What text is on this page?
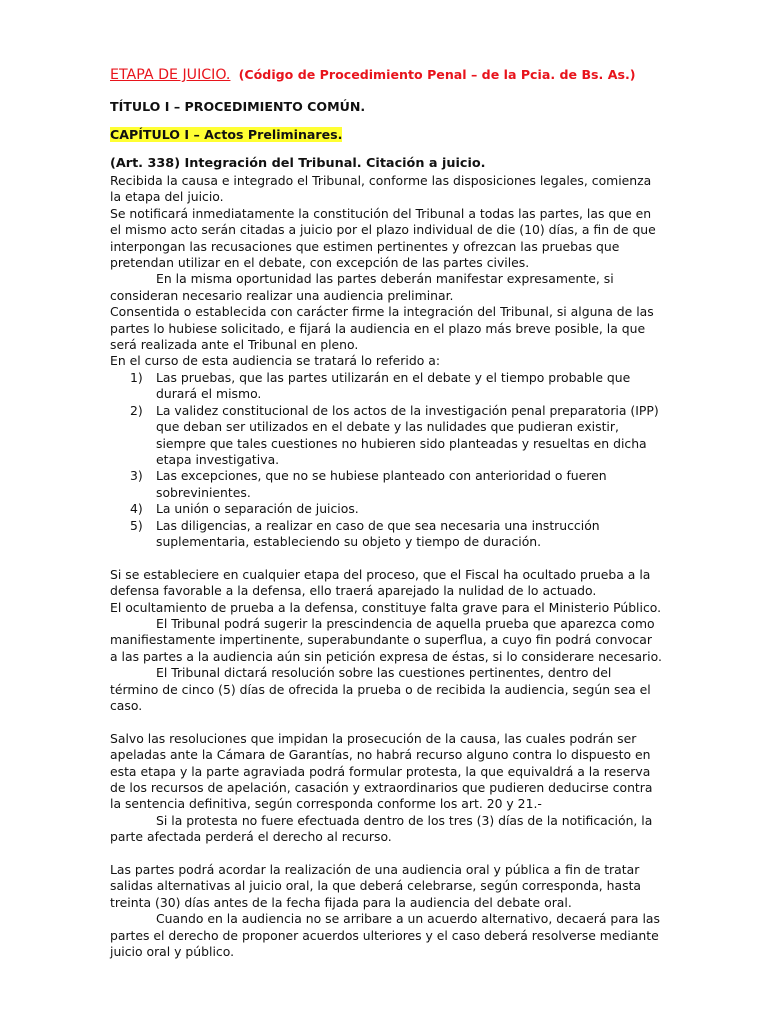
ETAPA DE JUICIO. (Código de Procedimiento Penal – de la Pcia. de Bs. As.)
TÍTULO I – PROCEDIMIENTO COMÚN.
CAPÍTULO I – Actos Preliminares.
(Art. 338) Integración del Tribunal. Citación a juicio.

Recibida la causa e integrado el Tribunal, conforme las disposiciones legales, comienza la etapa del juicio.

Se notificará inmediatamente la constitución del Tribunal a todas las partes, las que en el mismo acto serán citadas a juicio por el plazo individual de die (10) días, a fin de que interpongan las recusaciones que estimen pertinentes y ofrezcan las pruebas que pretendan utilizar en el debate, con excepción de las partes civiles.

En la misma oportunidad las partes deberán manifestar expresamente, si consideran necesario realizar una audiencia preliminar.

Consentida o establecida con carácter firme la integración del Tribunal, si alguna de las partes lo hubiese solicitado, e fijará la audiencia en el plazo más breve posible, la que será realizada ante el Tribunal en pleno.

En el curso de esta audiencia se tratará lo referido a:

1) Las pruebas, que las partes utilizarán en el debate y el tiempo probable que durará el mismo.
2) La validez constitucional de los actos de la investigación penal preparatoria (IPP) que deban ser utilizados en el debate y las nulidades que pudieran existir, siempre que tales cuestiones no hubieren sido planteadas y resueltas en dicha etapa investigativa.
3) Las excepciones, que no se hubiese planteado con anterioridad o fueren sobrevinientes.
4) La unión o separación de juicios.
5) Las diligencias, a realizar en caso de que sea necesaria una instrucción suplementaria, estableciendo su objeto y tiempo de duración.

Si se estableciere en cualquier etapa del proceso, que el Fiscal ha ocultado prueba a la defensa favorable a la defensa, ello traerá aparejado la nulidad de lo actuado.

El ocultamiento de prueba a la defensa, constituye falta grave para el Ministerio Público.

El Tribunal podrá sugerir la prescindencia de aquella prueba que aparezca como manifiestamente impertinente, superabundante o superflua, a cuyo fin podrá convocar a las partes a la audiencia aún sin petición expresa de éstas, si lo considerare necesario.

El Tribunal dictará resolución sobre las cuestiones pertinentes, dentro del término de cinco (5) días de ofrecida la prueba o de recibida la audiencia, según sea el caso.

Salvo las resoluciones que impidan la prosecución de la causa, las cuales podrán ser apeladas ante la Cámara de Garantías, no habrá recurso alguno contra lo dispuesto en esta etapa y la parte agraviada podrá formular protesta, la que equivaldrá a la reserva de los recursos de apelación, casación y extraordinarios que pudieren deducirse contra la sentencia definitiva, según corresponda conforme los art. 20 y 21.-

Si la protesta no fuere efectuada dentro de los tres (3) días de la notificación, la parte afectada perderá el derecho al recurso.

Las partes podrá acordar la realización de una audiencia oral y pública a fin de tratar salidas alternativas al juicio oral, la que deberá celebrarse, según corresponda, hasta treinta (30) días antes de la fecha fijada para la audiencia del debate oral.

Cuando en la audiencia no se arribare a un acuerdo alternativo, decaerá para las partes el derecho de proponer acuerdos ulteriores y el caso deberá resolverse mediante juicio oral y público.
